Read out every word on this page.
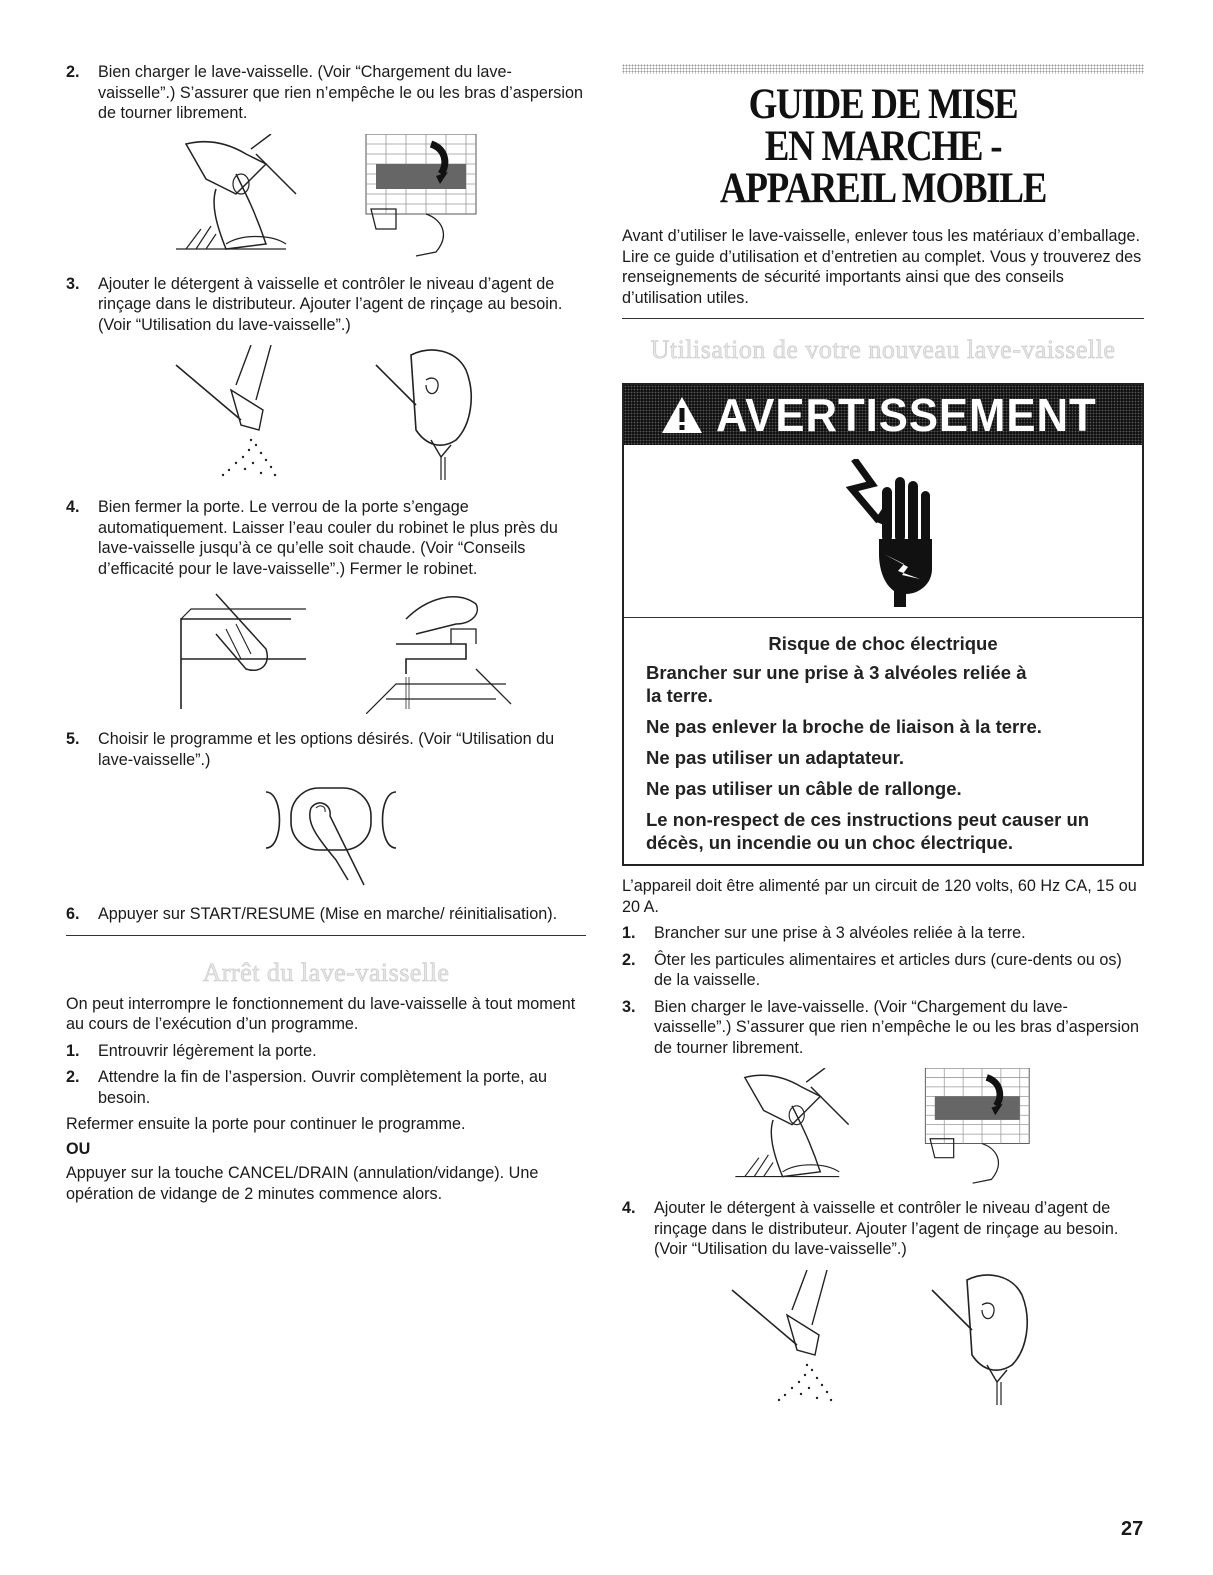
2. Bien charger le lave-vaisselle. (Voir “Chargement du lave-vaisselle”.) S’assurer que rien n’empêche le ou les bras d’aspersion de tourner librement.
3. Ajouter le détergent à vaisselle et contrôler le niveau d’agent de rinçage dans le distributeur. Ajouter l’agent de rinçage au besoin. (Voir “Utilisation du lave-vaisselle”.)
4. Bien fermer la porte. Le verrou de la porte s’engage automatiquement. Laisser l’eau couler du robinet le plus près du lave-vaisselle jusqu’à ce qu’elle soit chaude. (Voir “Conseils d’efficacité pour le lave-vaisselle”.) Fermer le robinet.
5. Choisir le programme et les options désirés. (Voir “Utilisation du lave-vaisselle”.)
6. Appuyer sur START/RESUME (Mise en marche/ réinitialisation).
Arrêt du lave-vaisselle
On peut interrompre le fonctionnement du lave-vaisselle à tout moment au cours de l’exécution d’un programme.
1. Entrouvrir légèrement la porte.
2. Attendre la fin de l’aspersion. Ouvrir complètement la porte, au besoin.
Refermer ensuite la porte pour continuer le programme.
OU
Appuyer sur la touche CANCEL/DRAIN (annulation/vidange). Une opération de vidange de 2 minutes commence alors.
GUIDE DE MISE
EN MARCHE -
APPAREIL MOBILE
Avant d’utiliser le lave-vaisselle, enlever tous les matériaux d’emballage. Lire ce guide d’utilisation et d’entretien au complet. Vous y trouverez des renseignements de sécurité importants ainsi que des conseils d’utilisation utiles.
Utilisation de votre nouveau lave-vaisselle
AVERTISSEMENT
Risque de choc électrique
Brancher sur une prise à 3 alvéoles reliée à la terre.
Ne pas enlever la broche de liaison à la terre.
Ne pas utiliser un adaptateur.
Ne pas utiliser un câble de rallonge.
Le non-respect de ces instructions peut causer un décès, un incendie ou un choc électrique.
L’appareil doit être alimenté par un circuit de 120 volts, 60 Hz CA, 15 ou 20 A.
1. Brancher sur une prise à 3 alvéoles reliée à la terre.
2. Ôter les particules alimentaires et articles durs (cure-dents ou os) de la vaisselle.
3. Bien charger le lave-vaisselle. (Voir “Chargement du lave-vaisselle”.) S’assurer que rien n’empêche le ou les bras d’aspersion de tourner librement.
4. Ajouter le détergent à vaisselle et contrôler le niveau d’agent de rinçage dans le distributeur. Ajouter l’agent de rinçage au besoin. (Voir “Utilisation du lave-vaisselle”.)
27
